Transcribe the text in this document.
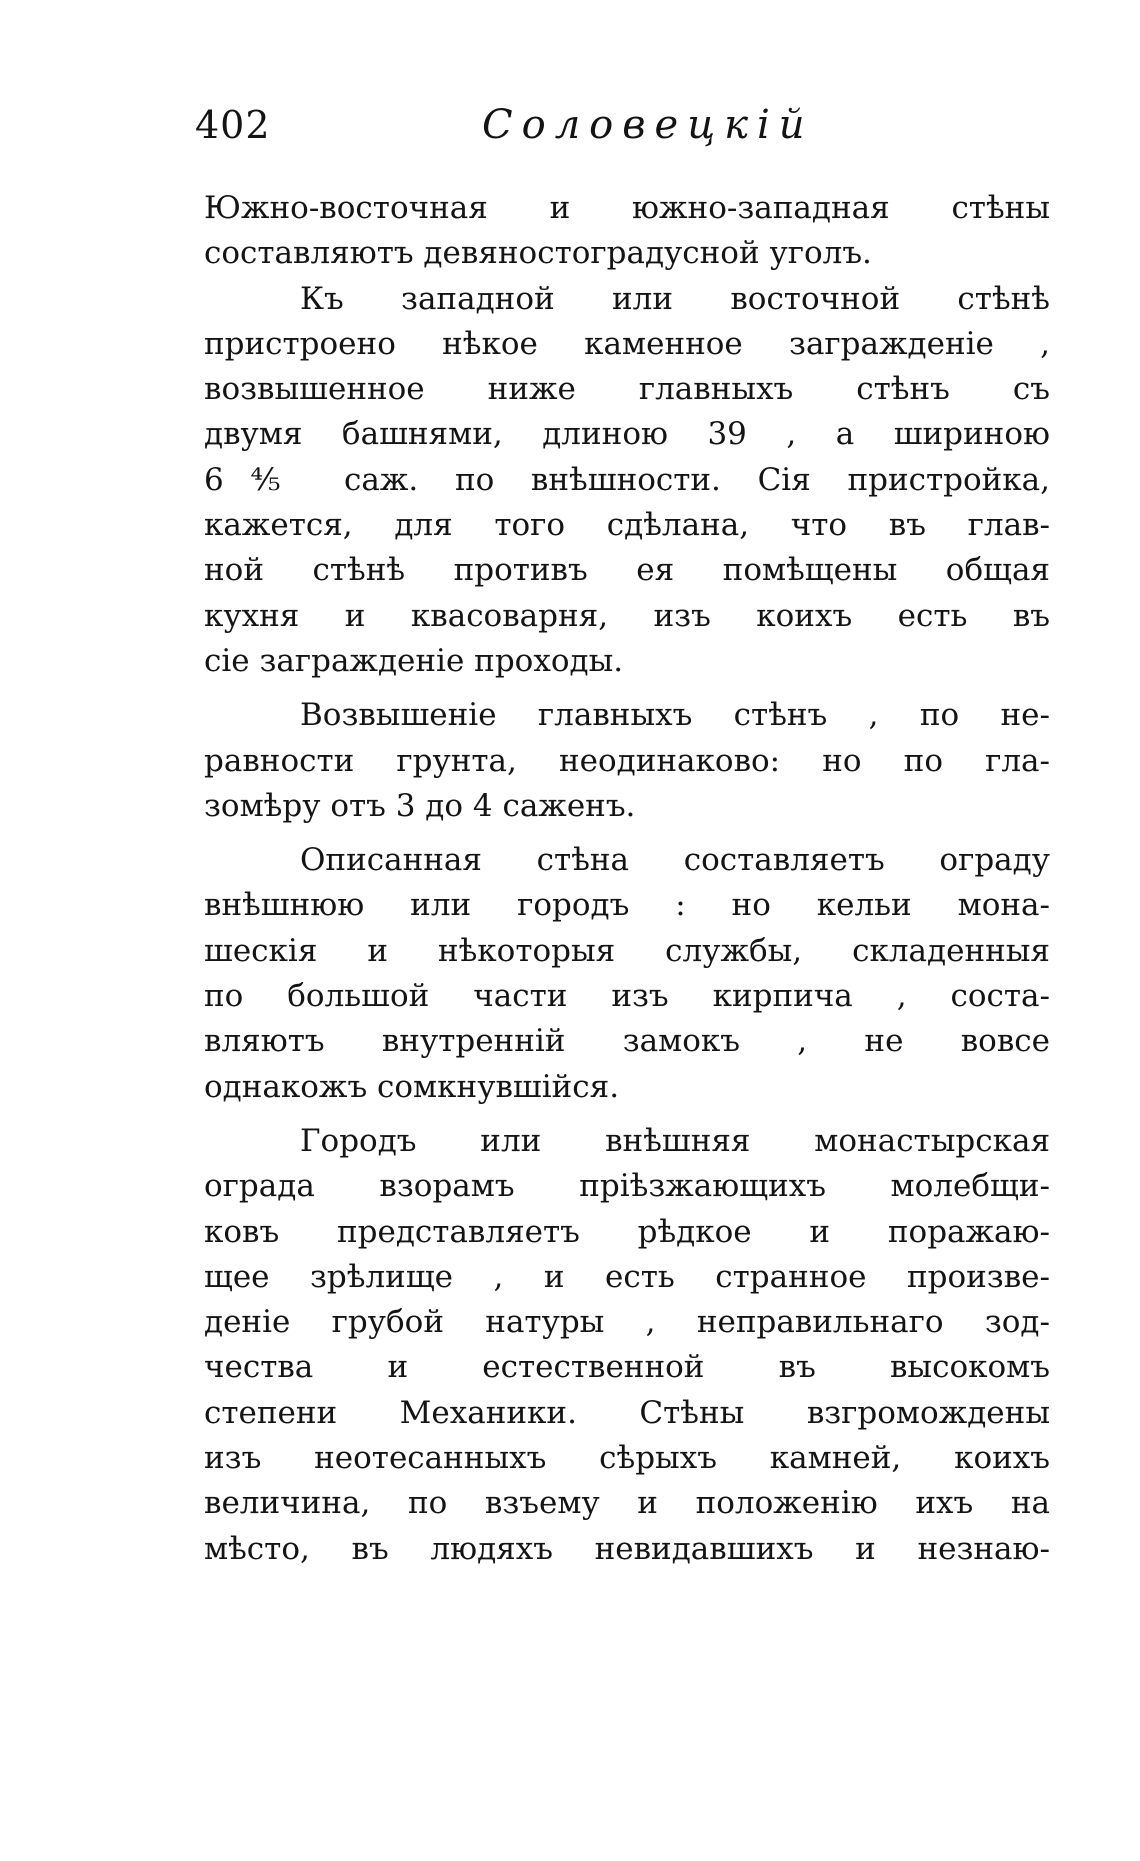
402	Соловецкій
Южно-восточная и южно-западная стѣны
составляютъ девяностоградусной уголъ.
Къ западной или восточной стѣнѣ
пристроено нѣкое каменное загражденіе ,
возвышенное ниже главныхъ стѣнъ съ
двумя башнями, длиною 39 , а шириною
6⅘ саж. по внѣшности. Сія пристройка,
кажется, для того сдѣлана, что въ глав-
ной стѣнѣ противъ ея помѣщены общая
кухня и квасоварня, изъ коихъ есть въ
сіе загражденіе проходы.
Возвышеніе главныхъ стѣнъ , по не-
равности грунта, неодинаково: но по гла-
зомѣру отъ 3 до 4 саженъ.
Описанная стѣна составляетъ ограду
внѣшнюю или городъ : но кельи мона-
шескія и нѣкоторыя службы, складенныя
по большой части изъ кирпича , соста-
вляютъ внутренній замокъ , не вовсе
однакожъ сомкнувшійся.
Городъ или внѣшняя монастырская
ограда взорамъ пріѣзжающихъ молебщи-
ковъ представляетъ рѣдкое и поражаю-
щее зрѣлище , и есть странное произве-
деніе грубой натуры , неправильнаго зод-
чества и естественной въ высокомъ
степени Механики. Стѣны взгромождены
изъ неотесанныхъ сѣрыхъ камней, коихъ
величина, по взъему и положенію ихъ на
мѣсто, въ людяхъ невидавшихъ и незнаю-
